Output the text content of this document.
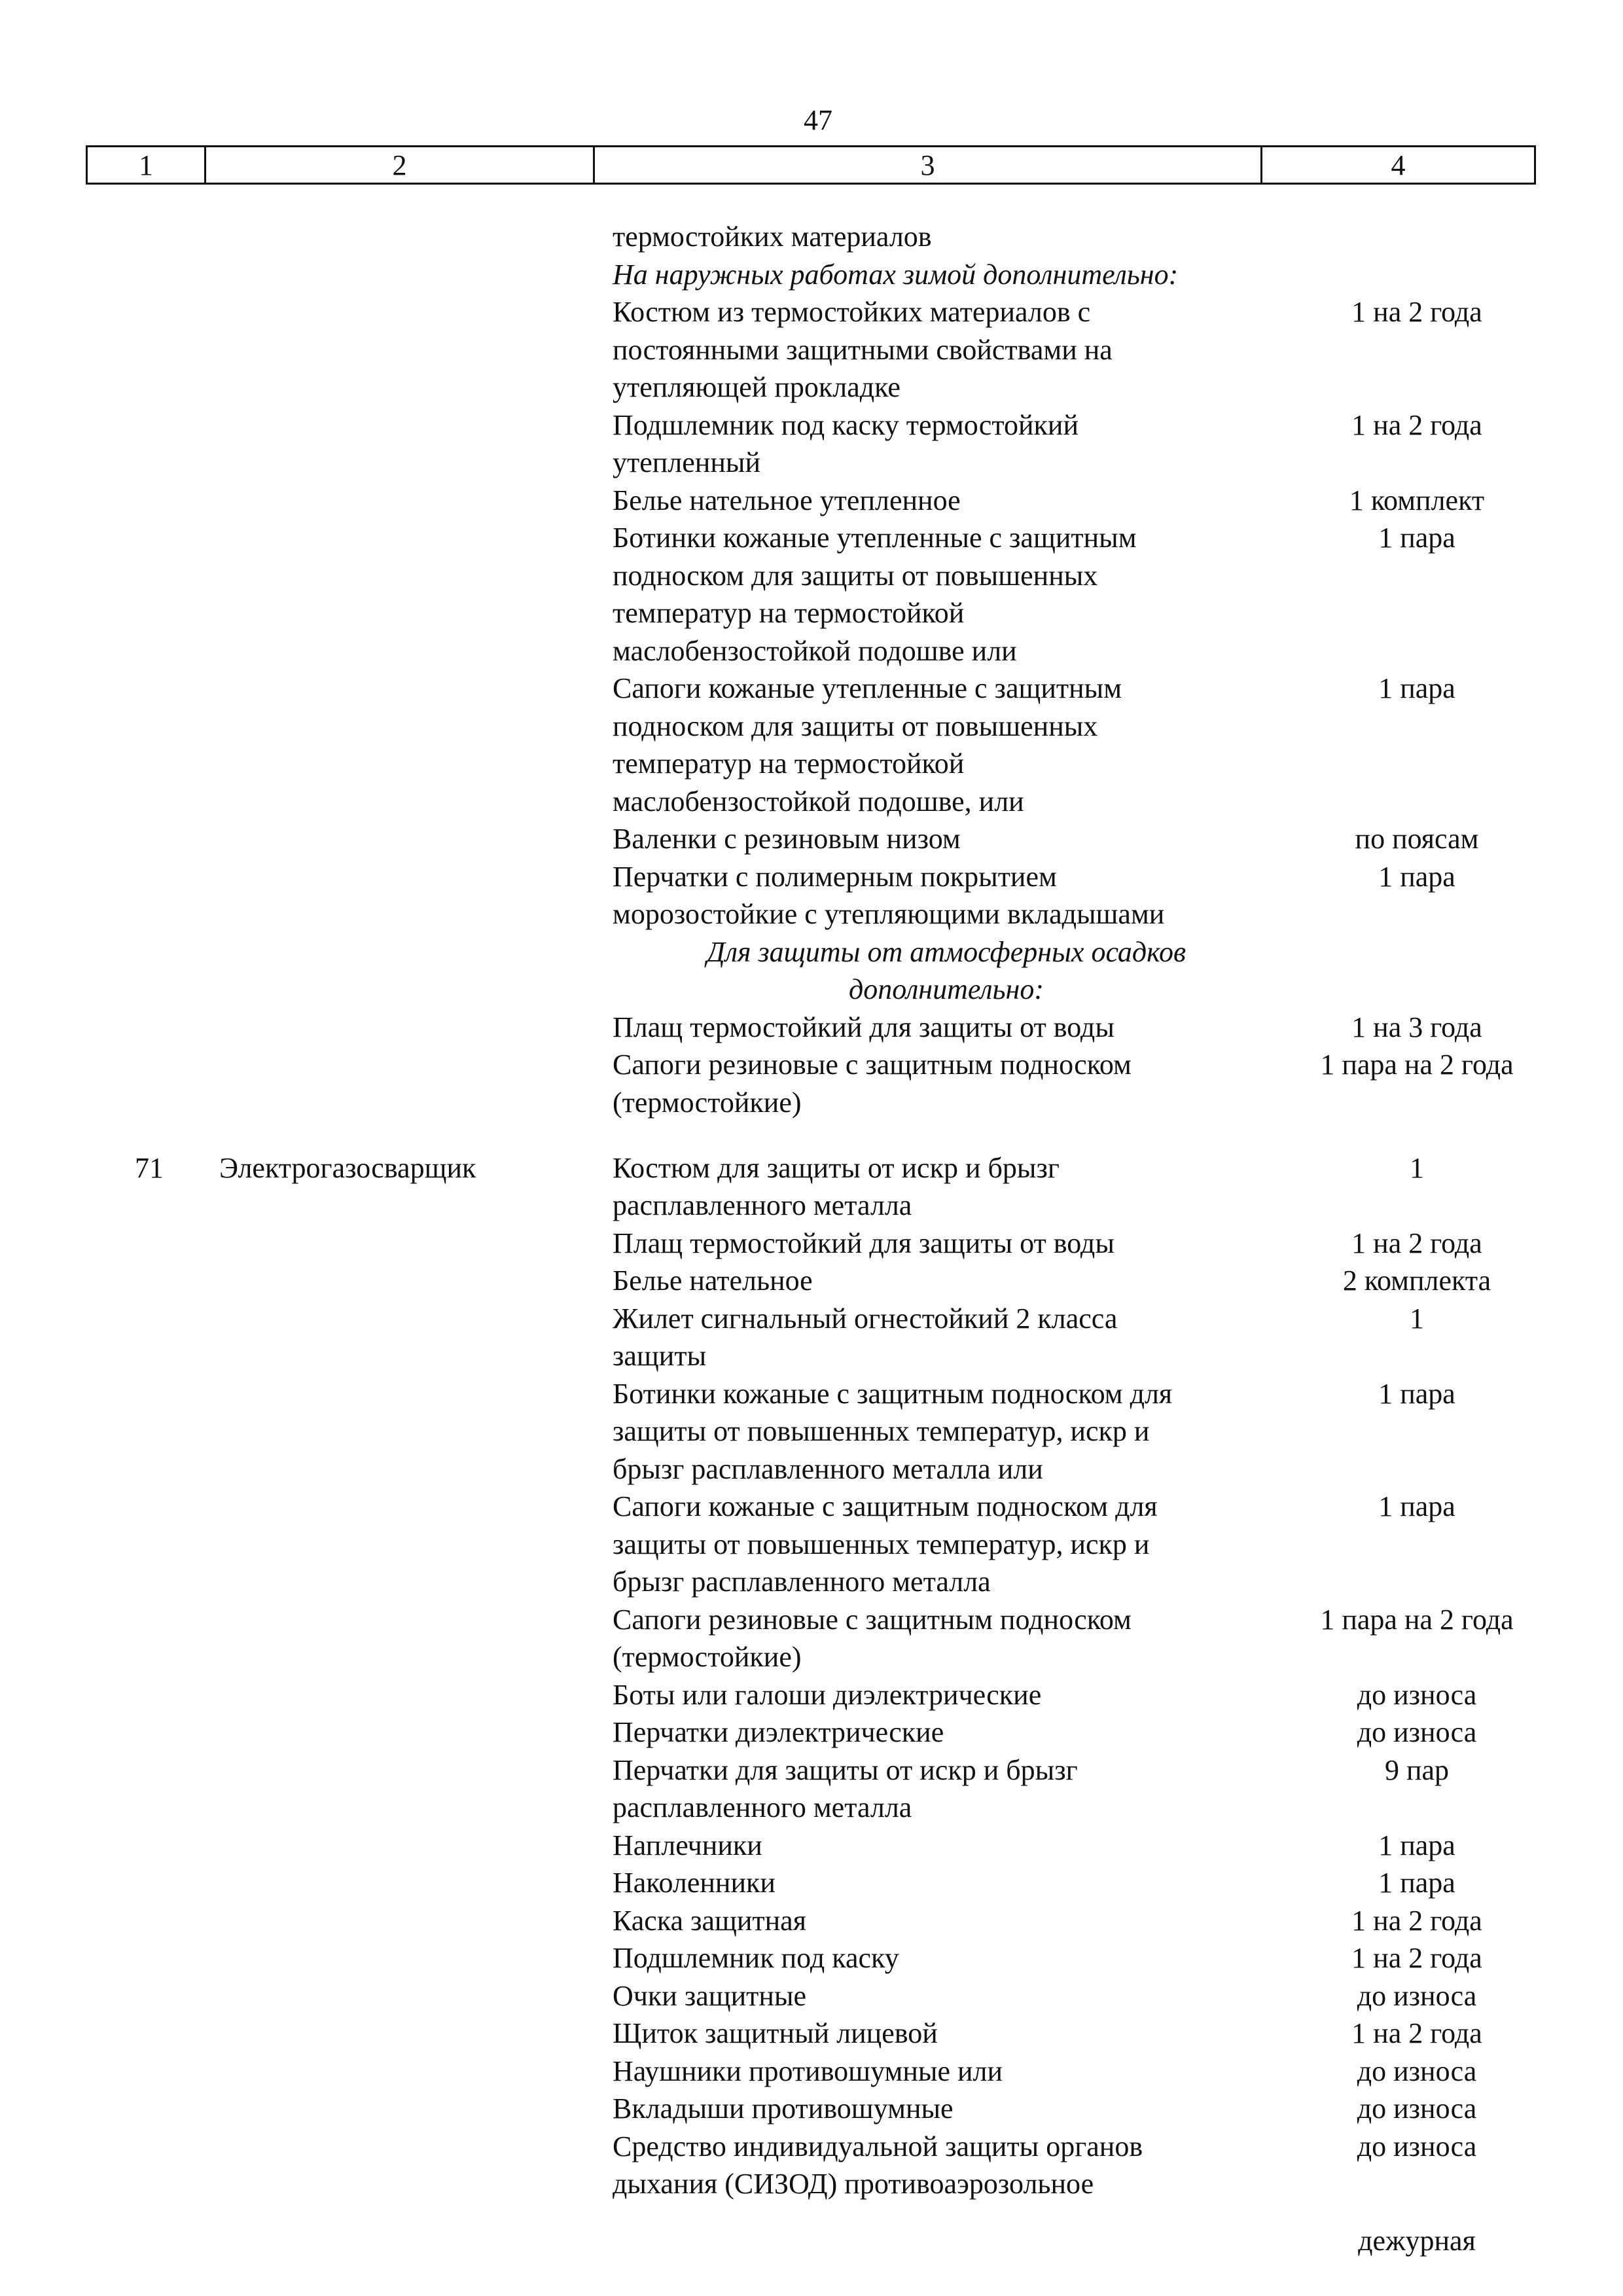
47
1	2	3	4
термостойких материалов
На наружных работах зимой дополнительно:
Костюм из термостойких материалов с	1 на 2 года
постоянными защитными свойствами на
утепляющей прокладке
Подшлемник под каску термостойкий	1 на 2 года
утепленный
Белье нательное утепленное	1 комплект
Ботинки кожаные утепленные с защитным	1 пара
подноском для защиты от повышенных
температур на термостойкой
маслобензостойкой подошве или
Сапоги кожаные утепленные с защитным	1 пара
подноском для защиты от повышенных
температур на термостойкой
маслобензостойкой подошве, или
Валенки с резиновым низом	по поясам
Перчатки с полимерным покрытием	1 пара
морозостойкие с утепляющими вкладышами
Для защиты от атмосферных осадков
дополнительно:
Плащ термостойкий для защиты от воды	1 на 3 года
Сапоги резиновые с защитным подноском	1 пара на 2 года
(термостойкие)
71	Электрогазосварщик	Костюм для защиты от искр и брызг	1
расплавленного металла
Плащ термостойкий для защиты от воды	1 на 2 года
Белье нательное	2 комплекта
Жилет сигнальный огнестойкий 2 класса	1
защиты
Ботинки кожаные с защитным подноском для	1 пара
защиты от повышенных температур, искр и
брызг расплавленного металла или
Сапоги кожаные с защитным подноском для	1 пара
защиты от повышенных температур, искр и
брызг расплавленного металла
Сапоги резиновые с защитным подноском	1 пара на 2 года
(термостойкие)
Боты или галоши диэлектрические	до износа
Перчатки диэлектрические	до износа
Перчатки для защиты от искр и брызг	9 пар
расплавленного металла
Наплечники	1 пара
Наколенники	1 пара
Каска защитная	1 на 2 года
Подшлемник под каску	1 на 2 года
Очки защитные	до износа
Щиток защитный лицевой	1 на 2 года
Наушники противошумные или	до износа
Вкладыши противошумные	до износа
Средство индивидуальной защиты органов	до износа
дыхания (СИЗОД) противоаэрозольное
дежурная
